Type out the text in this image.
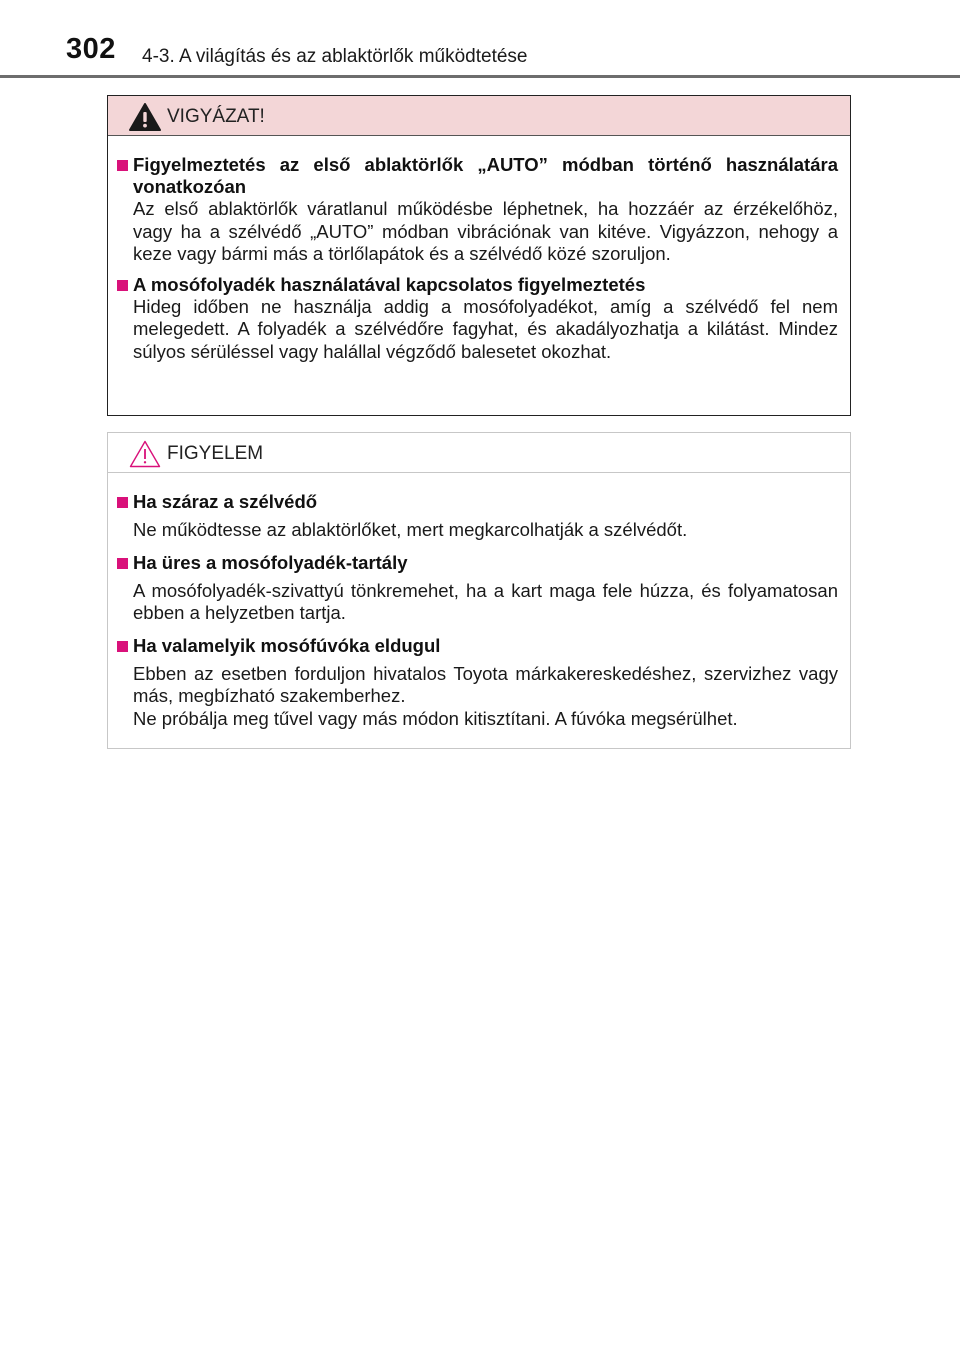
302 4-3. A világítás és az ablaktörlők működtetése
VIGYÁZAT!
Figyelmeztetés az első ablaktörlők „AUTO” módban történő használatára vonatkozóan
Az első ablaktörlők váratlanul működésbe léphetnek, ha hozzáér az érzékelőhöz, vagy ha a szélvédő „AUTO” módban vibrációnak van kitéve. Vigyázzon, nehogy a keze vagy bármi más a törlőlapátok és a szélvédő közé szoruljon.
A mosófolyadék használatával kapcsolatos figyelmeztetés
Hideg időben ne használja addig a mosófolyadékot, amíg a szélvédő fel nem melegedett. A folyadék a szélvédőre fagyhat, és akadályozhatja a kilátást. Mindez súlyos sérüléssel vagy halállal végződő balesetet okozhat.
FIGYELEM
Ha száraz a szélvédő
Ne működtesse az ablaktörlőket, mert megkarcolhatják a szélvédőt.
Ha üres a mosófolyadék-tartály
A mosófolyadék-szivattyú tönkremehet, ha a kart maga fele húzza, és folyamatosan ebben a helyzetben tartja.
Ha valamelyik mosófúvóka eldugul
Ebben az esetben forduljon hivatalos Toyota márkakereskedéshez, szervizhez vagy más, megbízható szakemberhez.
Ne próbálja meg tűvel vagy más módon kitisztítani. A fúvóka megsérülhet.
